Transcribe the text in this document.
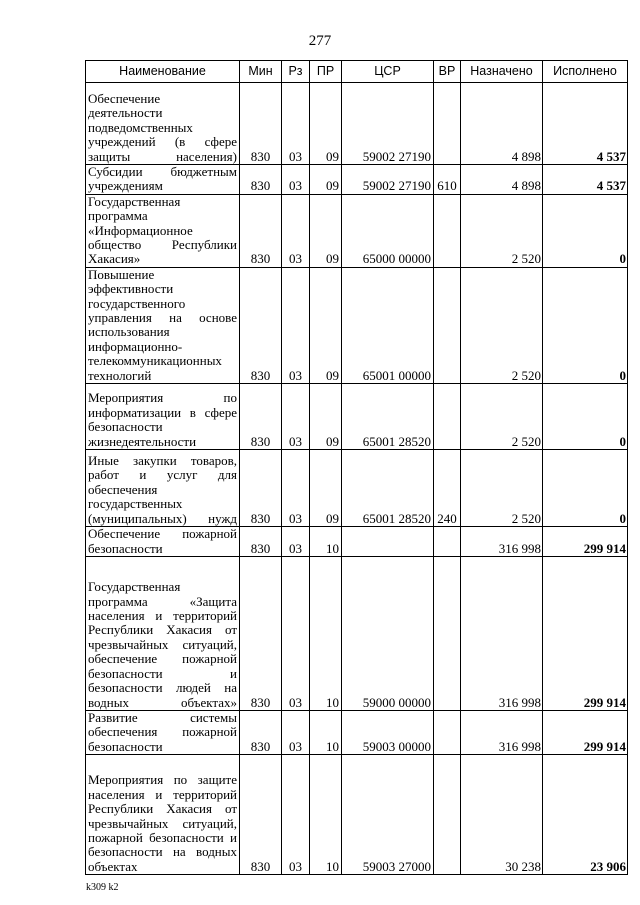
277
Наименование	Мин	Рз	ПР	ЦСР	ВР	Назначено	Исполнено
Обеспечение деятельности подведомственных учреждений (в сфере защиты населения)	830	03	09	59002 27190		4 898	4 537
Субсидии бюджетным учреждениям	830	03	09	59002 27190	610	4 898	4 537
Государственная программа «Информационное общество Республики Хакасия»	830	03	09	65000 00000		2 520	0
Повышение эффективности государственного управления на основе использования информационно-телекоммуникационных технологий	830	03	09	65001 00000		2 520	0
Мероприятия по информатизации в сфере безопасности жизнедеятельности	830	03	09	65001 28520		2 520	0
Иные закупки товаров, работ и услуг для обеспечения государственных (муниципальных) нужд	830	03	09	65001 28520	240	2 520	0
Обеспечение пожарной безопасности	830	03	10			316 998	299 914
Государственная программа «Защита населения и территорий Республики Хакасия от чрезвычайных ситуаций, обеспечение пожарной безопасности и безопасности людей на водных объектах»	830	03	10	59000 00000		316 998	299 914
Развитие системы обеспечения пожарной безопасности	830	03	10	59003 00000		316 998	299 914
Мероприятия по защите населения и территорий Республики Хакасия от чрезвычайных ситуаций, пожарной безопасности и безопасности на водных объектах	830	03	10	59003 27000		30 238	23 906
k309 k2
